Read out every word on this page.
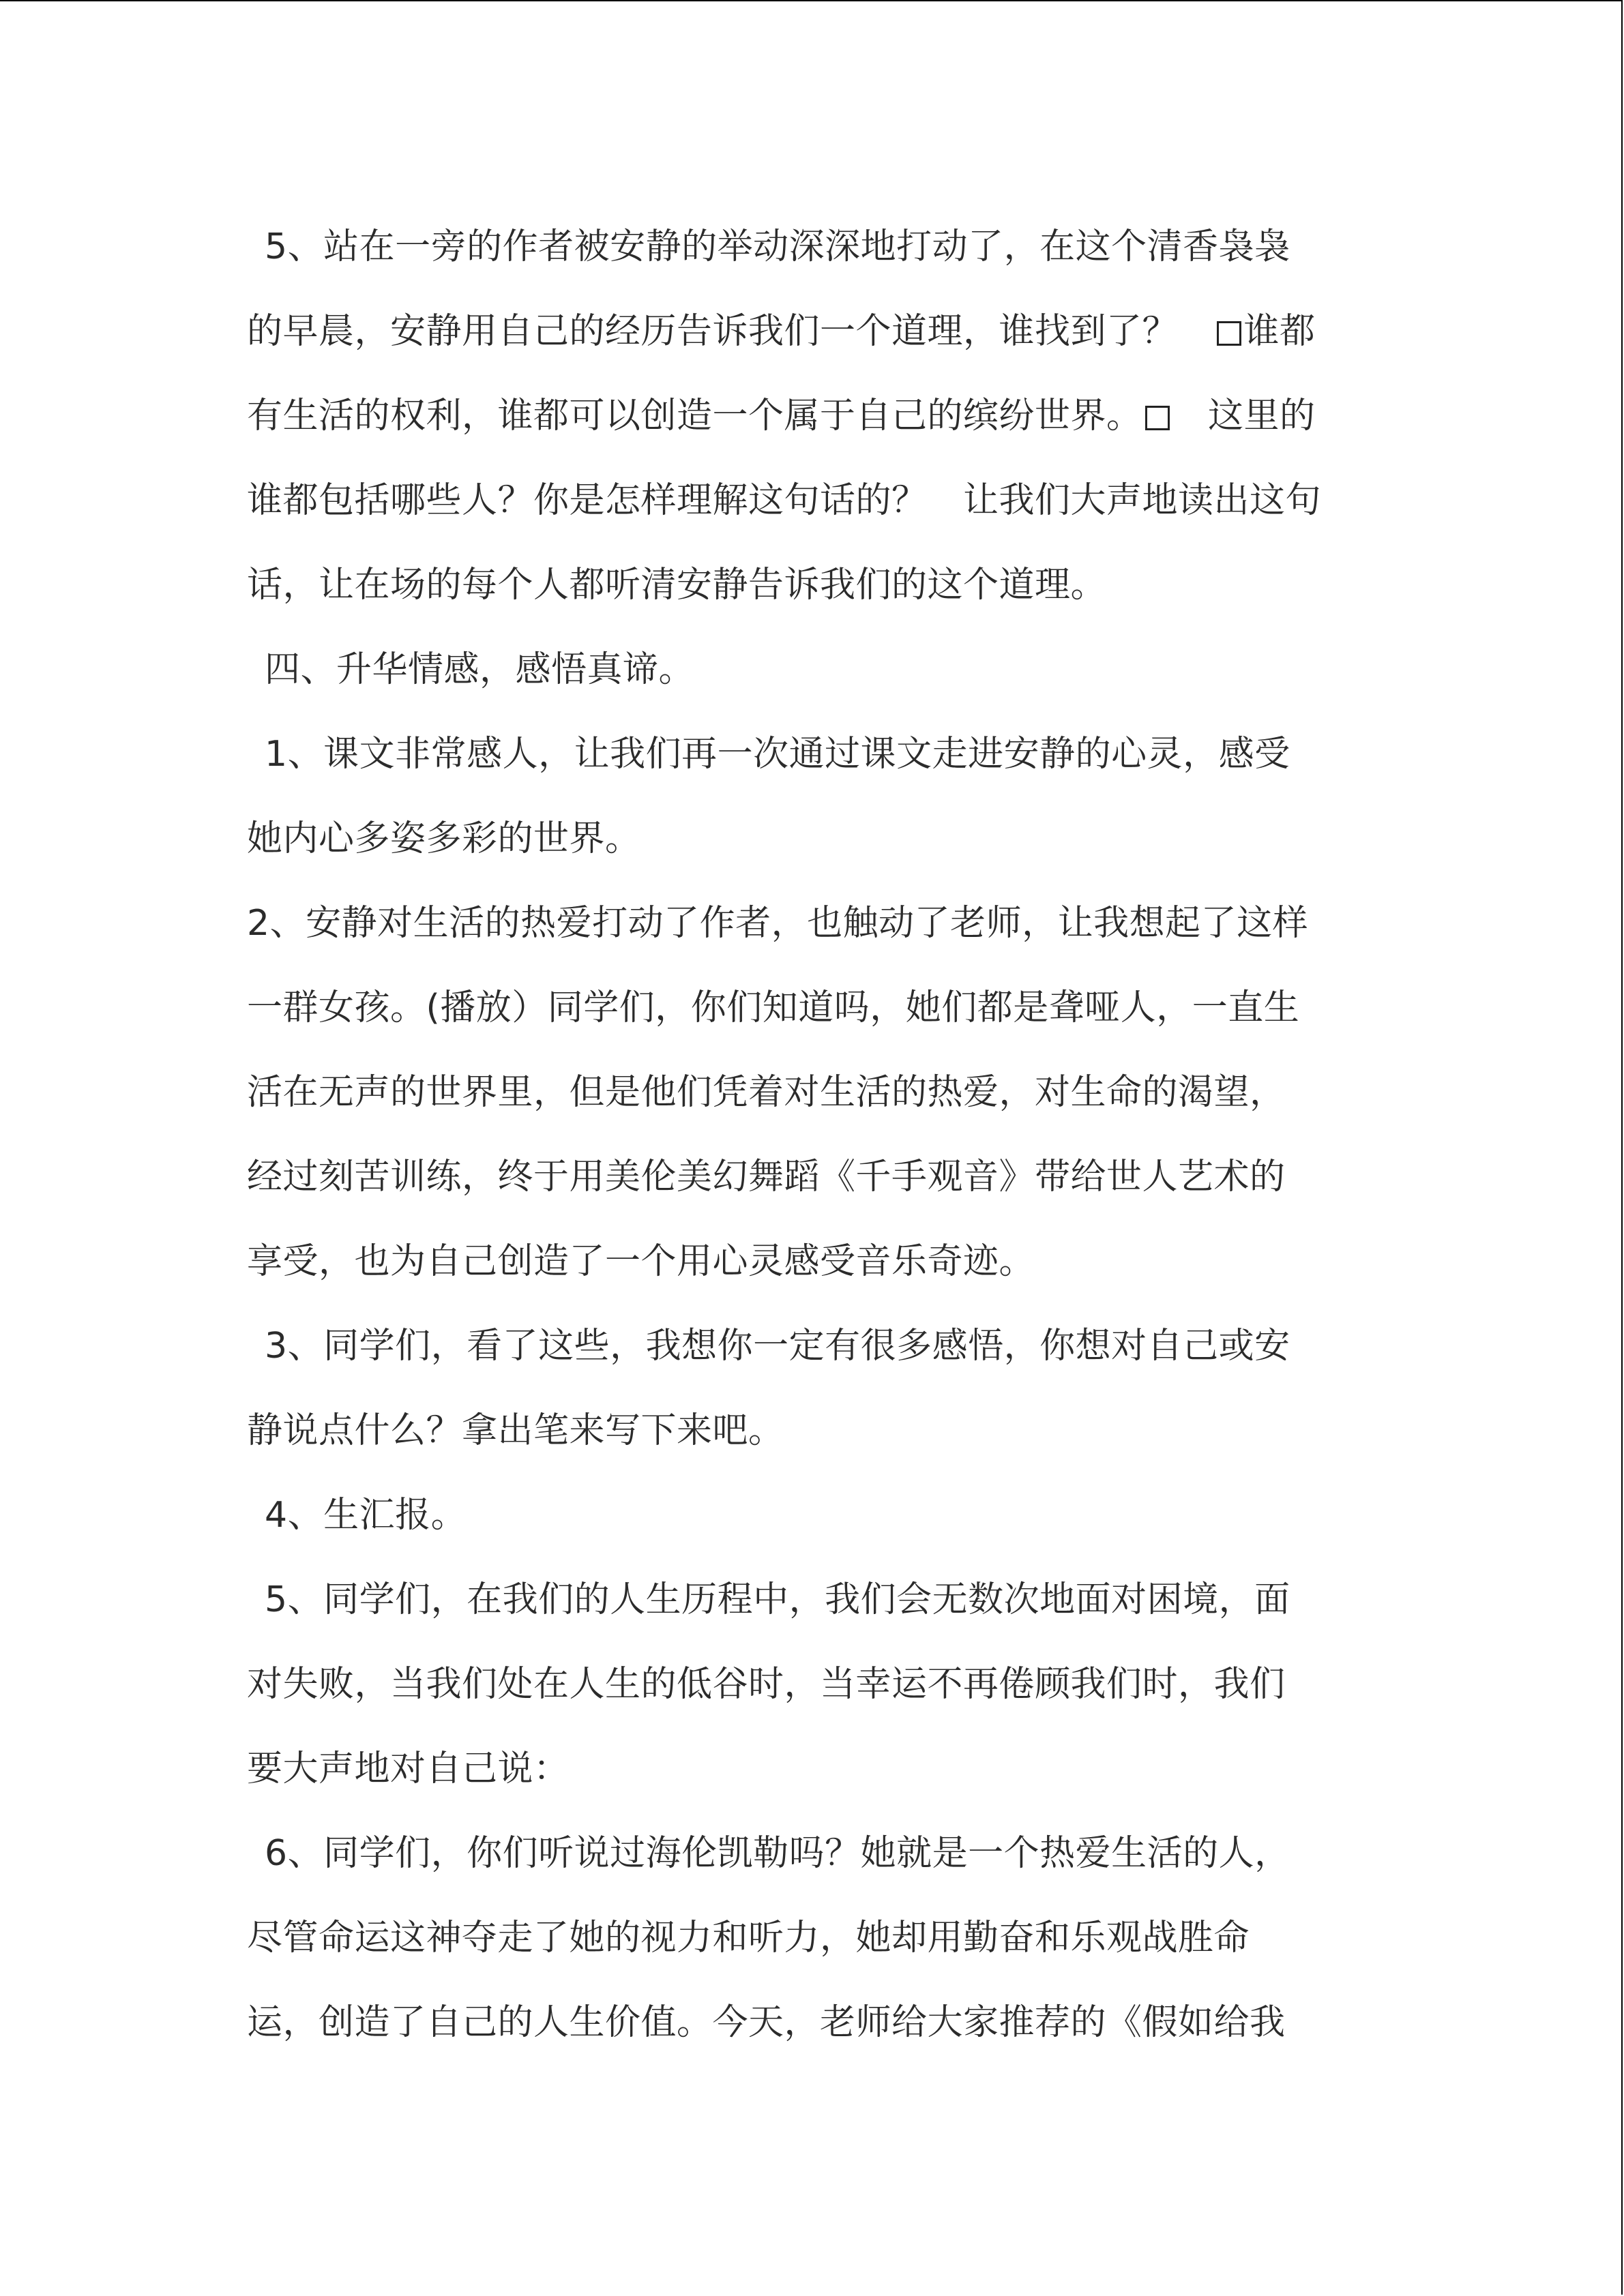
5、站在一旁的作者被安静的举动深深地打动了，在这个清香袅袅
的早晨，安静用自己的经历告诉我们一个道理，谁找到了？　谁都
有生活的权利，谁都可以创造一个属于自己的缤纷世界。　这里的
谁都包括哪些人？你是怎样理解这句话的？　让我们大声地读出这句
话，让在场的每个人都听清安静告诉我们的这个道理。
四、升华情感，感悟真谛。
1、课文非常感人，让我们再一次通过课文走进安静的心灵，感受
她内心多姿多彩的世界。
2、安静对生活的热爱打动了作者，也触动了老师，让我想起了这样
一群女孩。(播放）同学们，你们知道吗，她们都是聋哑人，一直生
活在无声的世界里，但是他们凭着对生活的热爱，对生命的渴望，
经过刻苦训练，终于用美伦美幻舞蹈《千手观音》带给世人艺术的
享受，也为自己创造了一个用心灵感受音乐奇迹。
3、同学们，看了这些，我想你一定有很多感悟，你想对自己或安
静说点什么？拿出笔来写下来吧。
4、生汇报。
5、同学们，在我们的人生历程中，我们会无数次地面对困境，面
对失败，当我们处在人生的低谷时，当幸运不再倦顾我们时，我们
要大声地对自己说：
6、同学们，你们听说过海伦凯勒吗？她就是一个热爱生活的人，
尽管命运这神夺走了她的视力和听力，她却用勤奋和乐观战胜命
运，创造了自己的人生价值。今天，老师给大家推荐的《假如给我
